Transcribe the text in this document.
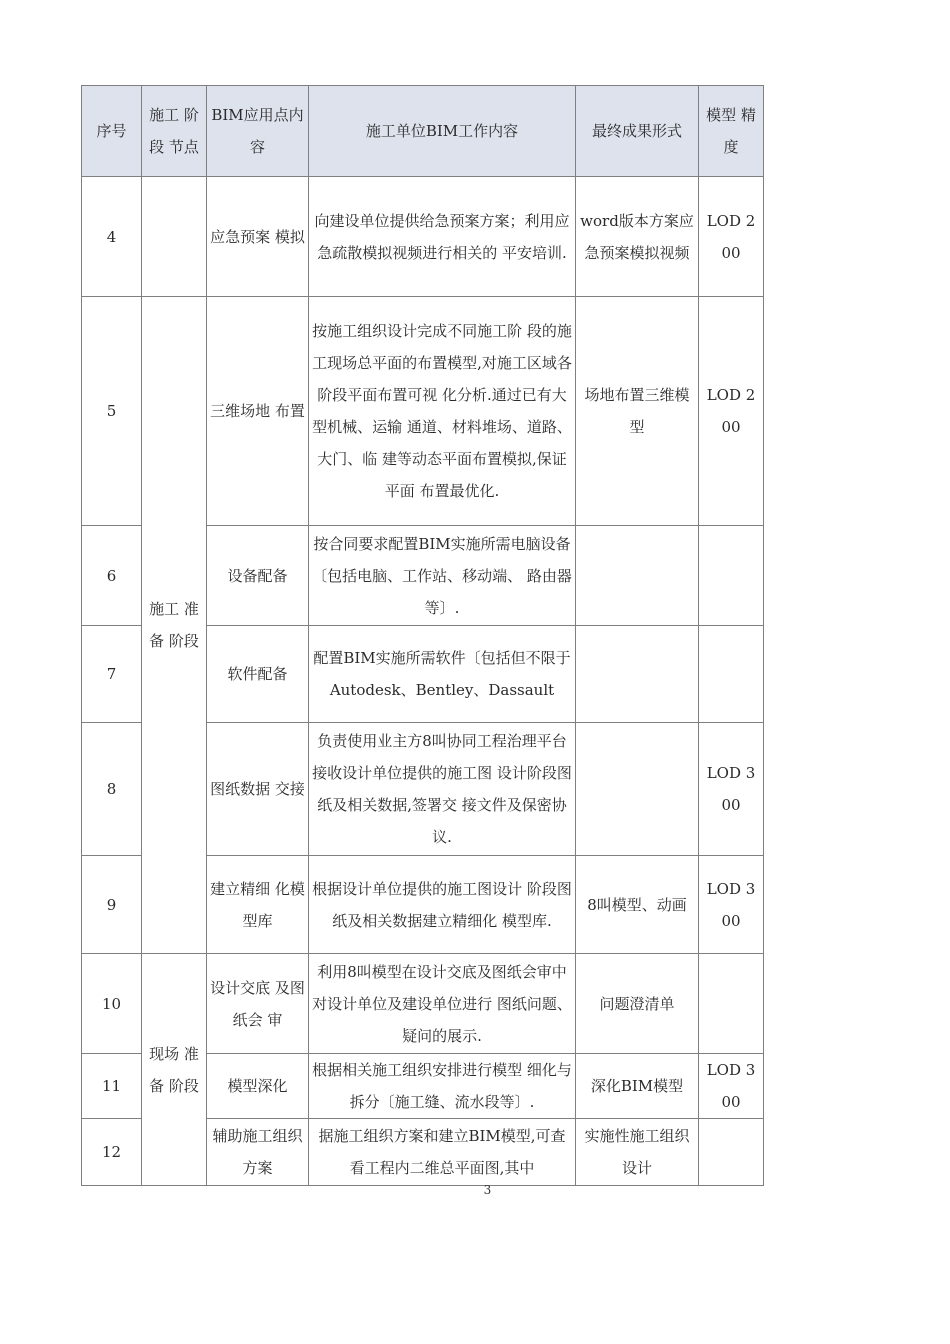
序号	施工 阶段 节点	BIM应用点内容	施工单位BIM工作内容	最终成果形式	模型 精度
4		应急预案 模拟	向建设单位提供给急预案方案；利用应急疏散模拟视频进行相关的 平安培训.	word版本方案应急预案模拟视频	LOD 200
5	施工 准备 阶段	三维场地 布置	按施工组织设计完成不同施工阶 段的施工现场总平面的布置模型,对施工区域各阶段平面布置可视 化分析.通过已有大型机械、运输 通道、材料堆场、道路、大门、临 建等动态平面布置模拟,保证平面 布置最优化.	场地布置三维模型	LOD 200
6		设备配备	按合同要求配置BIM实施所需电脑设备〔包括电脑、工作站、移动端、 路由器等〕.		
7		软件配备	配置BIM实施所需软件〔包括但不限于 Autodesk、Bentley、Dassault		
8		图纸数据 交接	负责使用业主方8叫协同工程治理平台接收设计单位提供的施工图 设计阶段图纸及相关数据,签署交 接文件及保密协议.		LOD 300
9		建立精细 化模型库	根据设计单位提供的施工图设计 阶段图纸及相关数据建立精细化 模型库.	8叫模型、动画	LOD 300
10	现场 准备 阶段	设计交底 及图纸会 审	利用8叫模型在设计交底及图纸会审中对设计单位及建设单位进行 图纸问题、疑问的展示.	问题澄清单	
11		模型深化	根据相关施工组织安排进行模型 细化与拆分〔施工缝、流水段等〕.	深化BIM模型	LOD 300
12		辅助施工组织方案	据施工组织方案和建立BIM模型,可查看工程内二维总平面图,其中	实施性施工组织设计	
3
